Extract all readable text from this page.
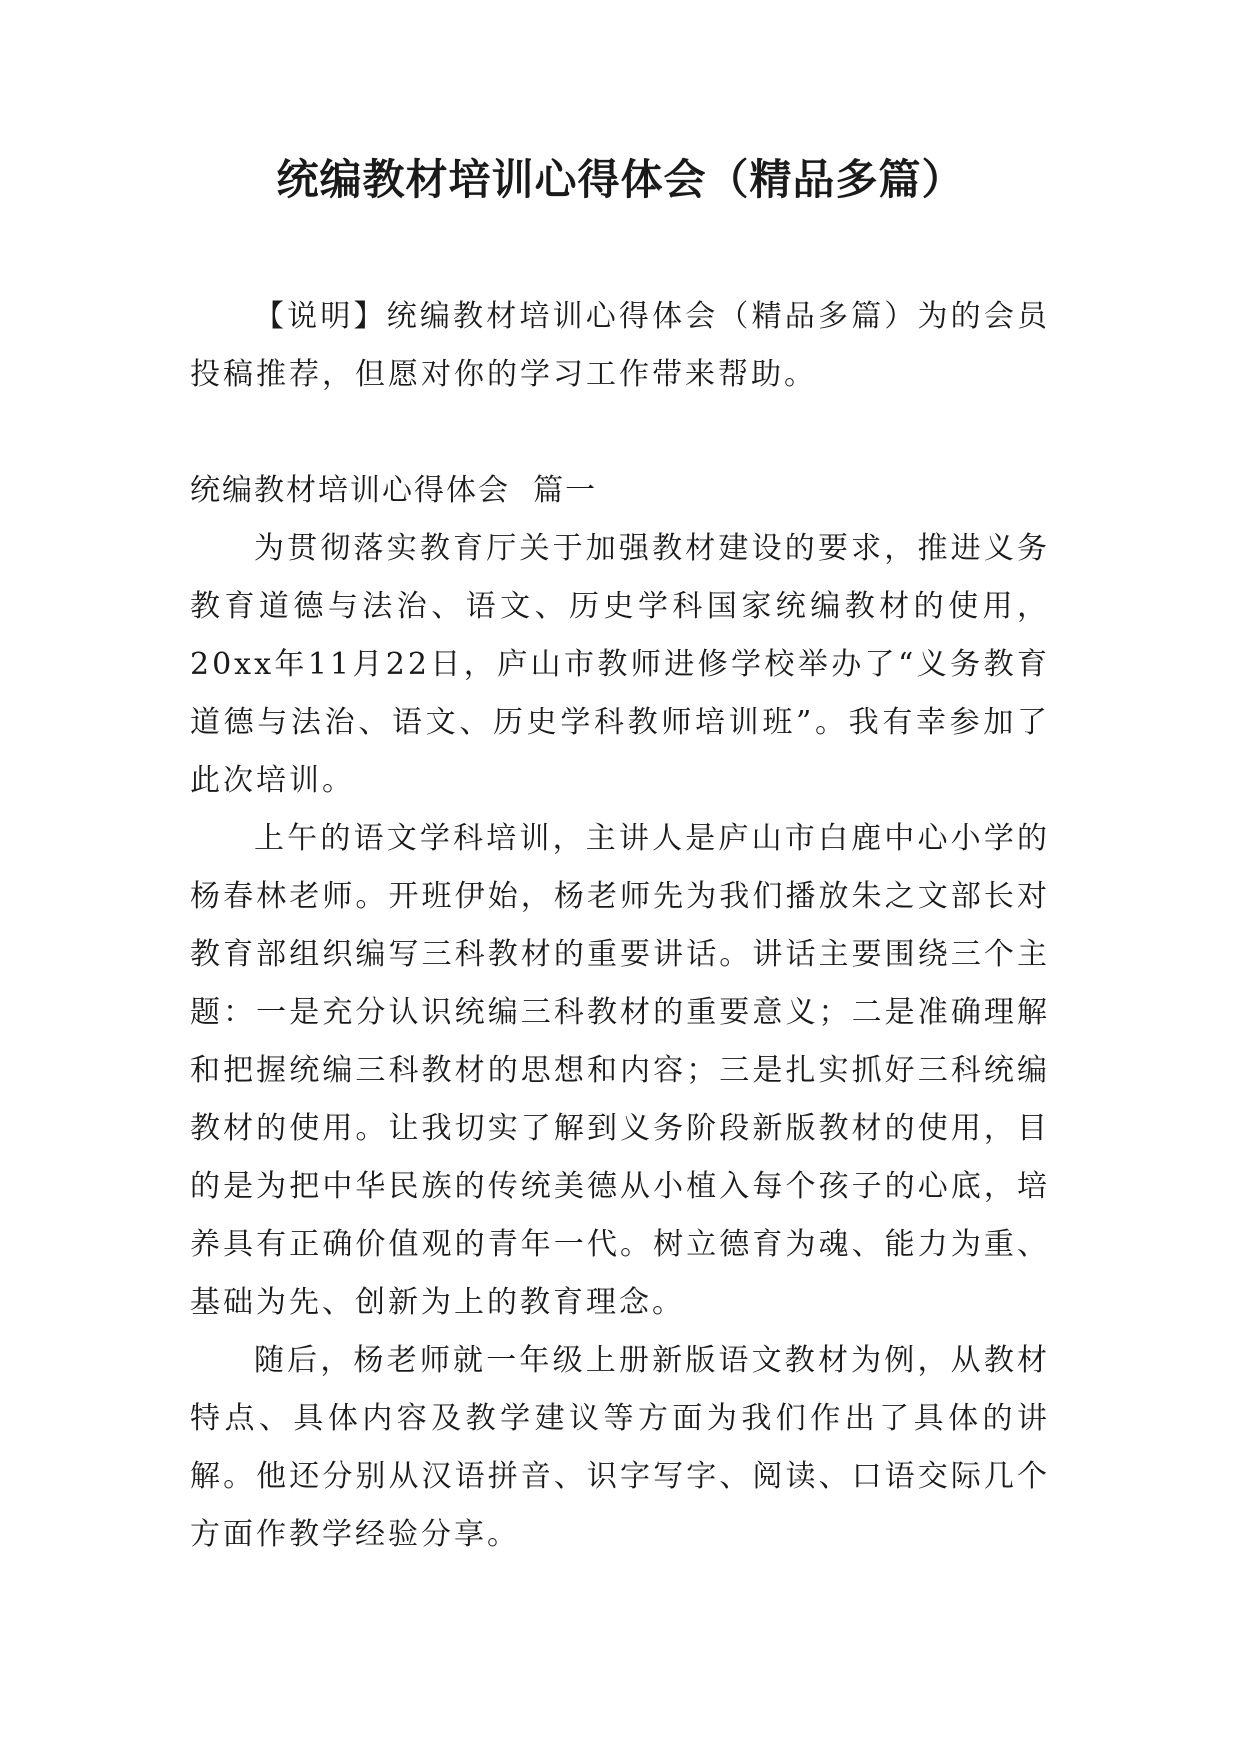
统编教材培训心得体会（精品多篇）

【说明】统编教材培训心得体会（精品多篇）为的会员投稿推荐，但愿对你的学习工作带来帮助。

统编教材培训心得体会  篇一

为贯彻落实教育厅关于加强教材建设的要求，推进义务教育道德与法治、语文、历史学科国家统编教材的使用，20xx年11月22日，庐山市教师进修学校举办了“义务教育道德与法治、语文、历史学科教师培训班”。我有幸参加了此次培训。

上午的语文学科培训，主讲人是庐山市白鹿中心小学的杨春林老师。开班伊始，杨老师先为我们播放朱之文部长对教育部组织编写三科教材的重要讲话。讲话主要围绕三个主题：一是充分认识统编三科教材的重要意义；二是准确理解和把握统编三科教材的思想和内容；三是扎实抓好三科统编教材的使用。让我切实了解到义务阶段新版教材的使用，目的是为把中华民族的传统美德从小植入每个孩子的心底，培养具有正确价值观的青年一代。树立德育为魂、能力为重、基础为先、创新为上的教育理念。

随后，杨老师就一年级上册新版语文教材为例，从教材特点、具体内容及教学建议等方面为我们作出了具体的讲解。他还分别从汉语拼音、识字写字、阅读、口语交际几个方面作教学经验分享。
